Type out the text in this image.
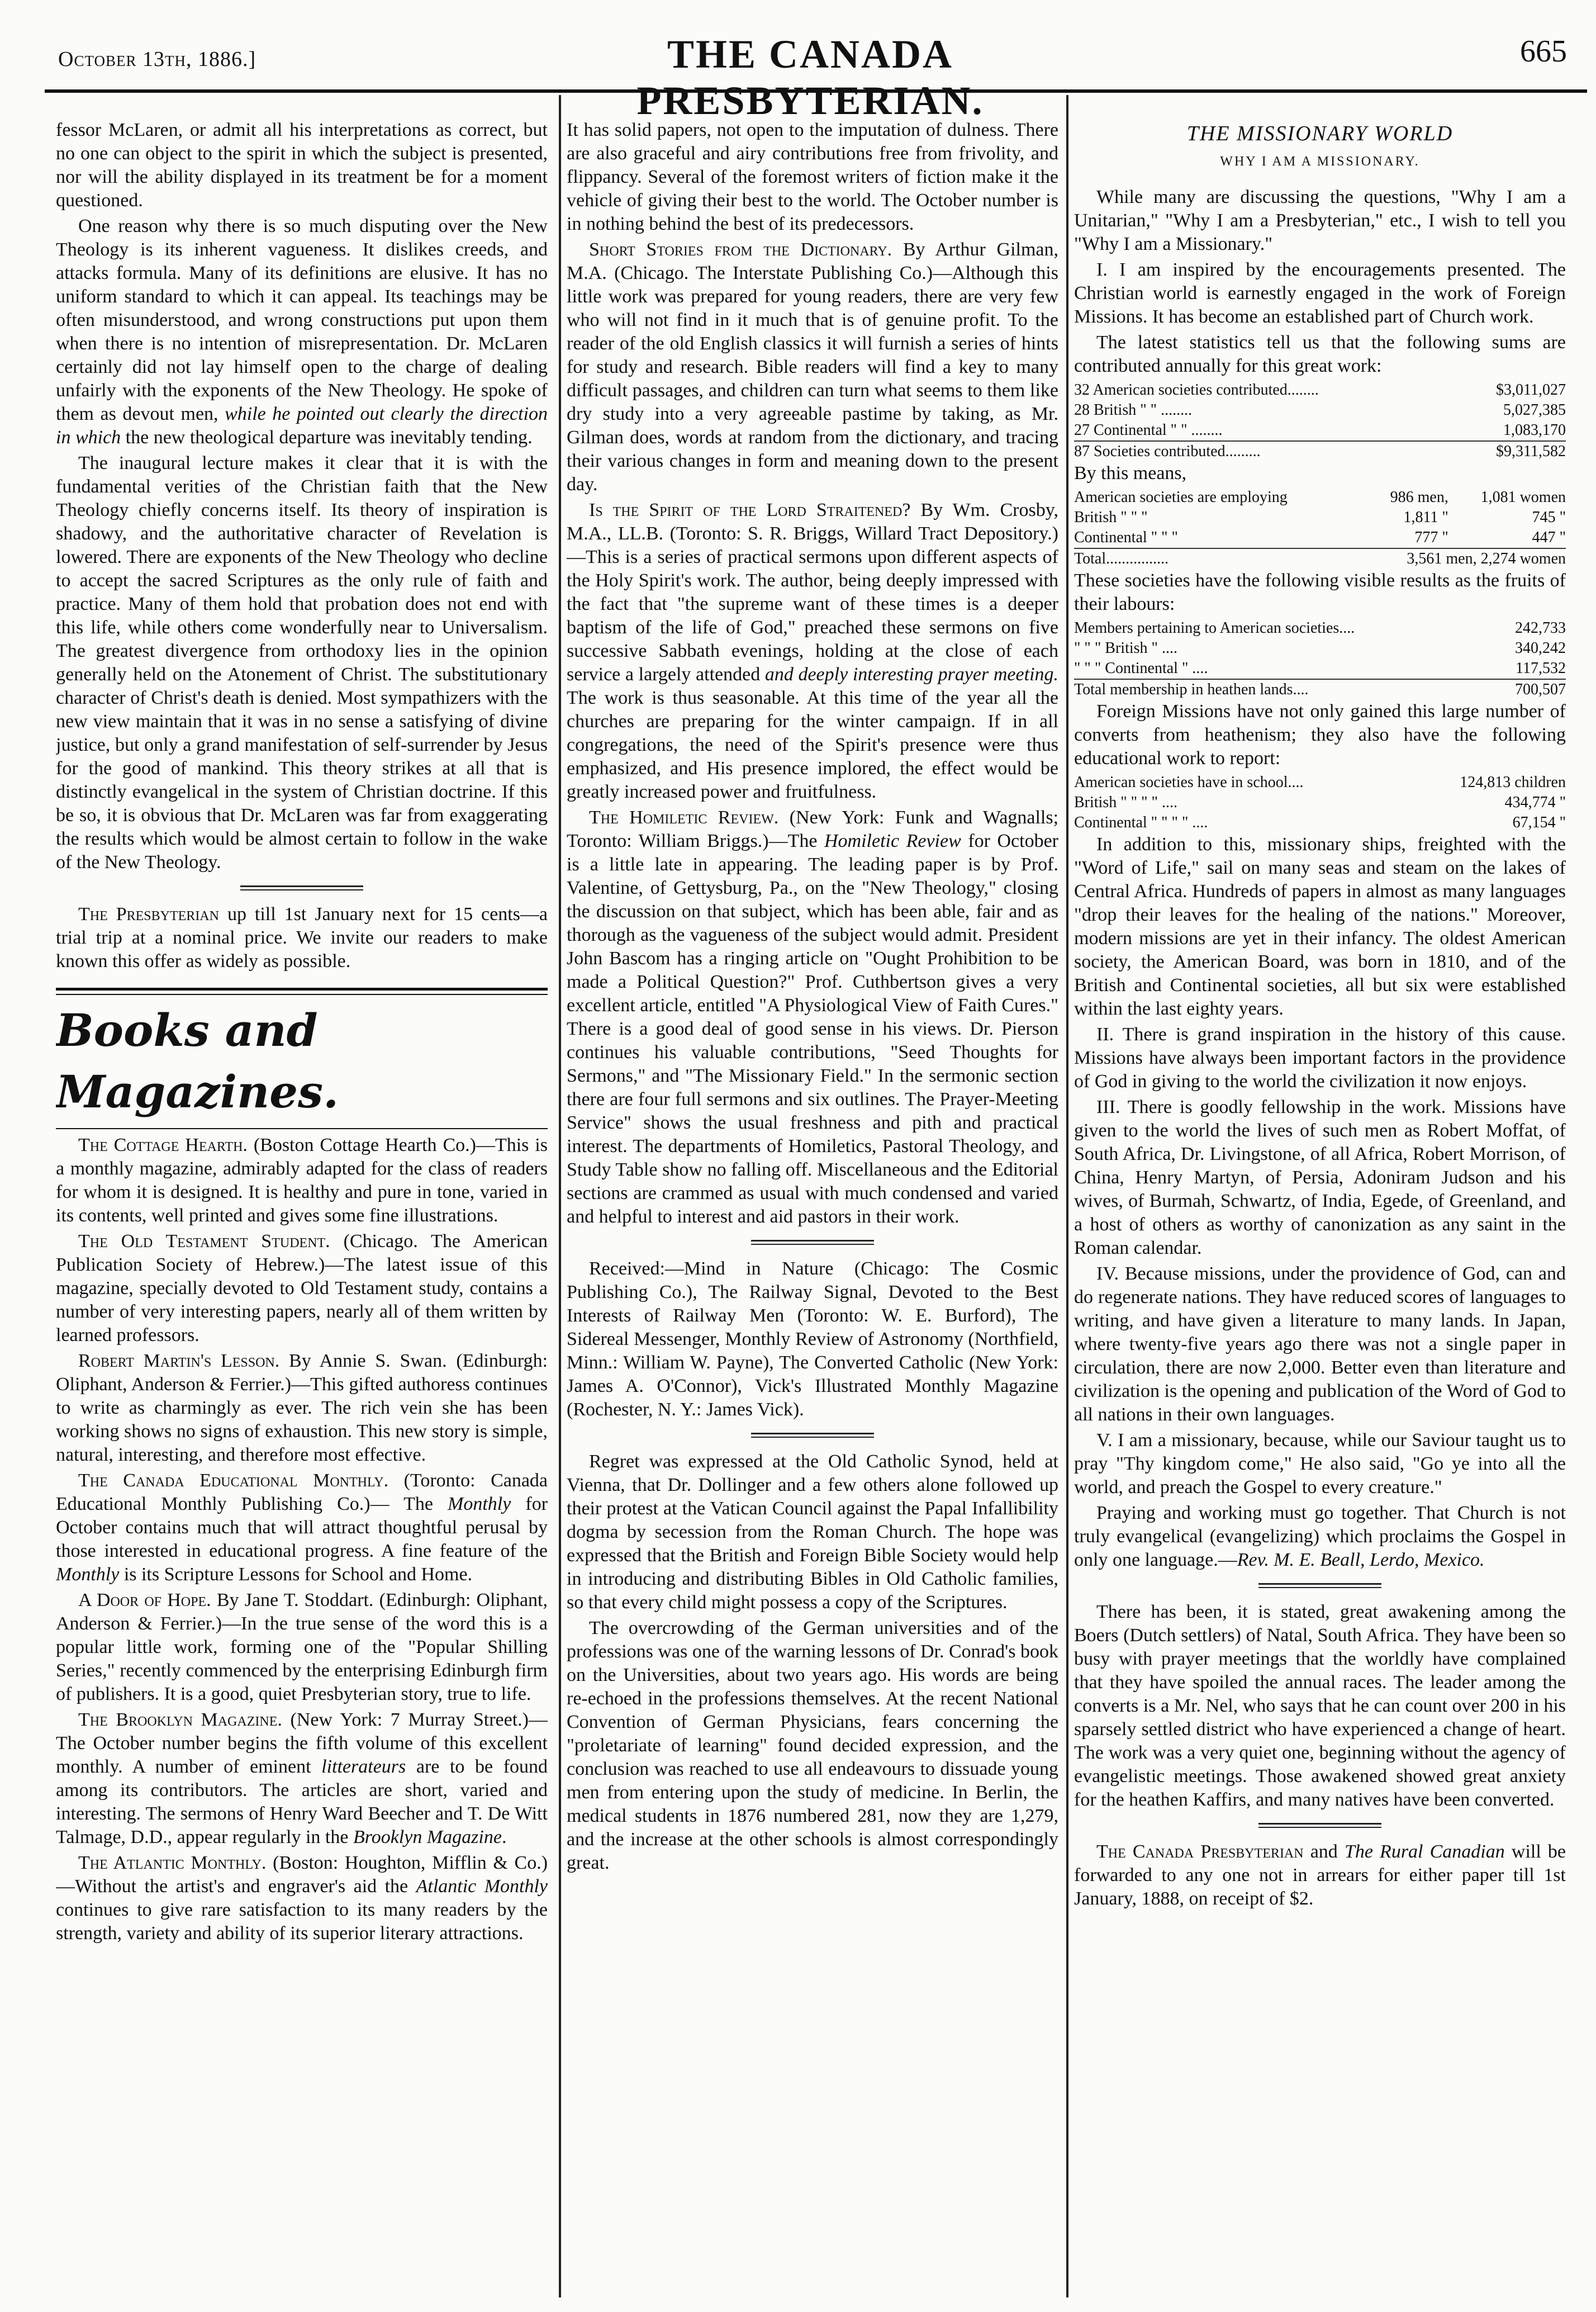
October 13th, 1886.]	THE CANADA PRESBYTERIAN.
665

fessor McLaren, or admit all his interpretations as correct, but no one can object to the spirit in which the subject is presented, nor will the ability displayed in its treatment be for a moment questioned.

One reason why there is so much disputing over the New Theology is its inherent vagueness. It dislikes creeds, and attacks formula. Many of its definitions are elusive. It has no uniform standard to which it can appeal. Its teachings may be often misunderstood, and wrong constructions put upon them when there is no intention of misrepresentation. Dr. McLaren certainly did not lay himself open to the charge of dealing unfairly with the exponents of the New Theology. He spoke of them as devout men, while he pointed out clearly the direction in which the new theological departure was inevitably tending.

The inaugural lecture makes it clear that it is with the fundamental verities of the Christian faith that the New Theology chiefly concerns itself. Its theory of inspiration is shadowy, and the authoritative character of Revelation is lowered. There are exponents of the New Theology who decline to accept the sacred Scriptures as the only rule of faith and practice. Many of them hold that probation does not end with this life, while others come wonderfully near to Universalism. The greatest divergence from orthodoxy lies in the opinion generally held on the Atonement of Christ. The substitutionary character of Christ's death is denied. Most sympathizers with the new view maintain that it was in no sense a satisfying of divine justice, but only a grand manifestation of self-surrender by Jesus for the good of mankind. This theory strikes at all that is distinctly evangelical in the system of Christian doctrine. If this be so, it is obvious that Dr. McLaren was far from exaggerating the results which would be almost certain to follow in the wake of the New Theology.

The Presbyterian up till 1st January next for 15 cents—a trial trip at a nominal price. We invite our readers to make known this offer as widely as possible.

Books and Magazines.

The Cottage Hearth. (Boston Cottage Hearth Co.)—This is a monthly magazine, admirably adapted for the class of readers for whom it is designed. It is healthy and pure in tone, varied in its contents, well printed and gives some fine illustrations.

The Old Testament Student. (Chicago. The American Publication Society of Hebrew.)—The latest issue of this magazine, specially devoted to Old Testament study, contains a number of very interesting papers, nearly all of them written by learned professors.

Robert Martin's Lesson. By Annie S. Swan. (Edinburgh: Oliphant, Anderson & Ferrier.)—This gifted authoress continues to write as charmingly as ever. The rich vein she has been working shows no signs of exhaustion. This new story is simple, natural, interesting, and therefore most effective.

The Canada Educational Monthly. (Toronto: Canada Educational Monthly Publishing Co.)— The Monthly for October contains much that will attract thoughtful perusal by those interested in educational progress. A fine feature of the Monthly is its Scripture Lessons for School and Home.

A Door of Hope. By Jane T. Stoddart. (Edinburgh: Oliphant, Anderson & Ferrier.)—In the true sense of the word this is a popular little work, forming one of the "Popular Shilling Series," recently commenced by the enterprising Edinburgh firm of publishers. It is a good, quiet Presbyterian story, true to life.

The Brooklyn Magazine. (New York: 7 Murray Street.)—The October number begins the fifth volume of this excellent monthly. A number of eminent litterateurs are to be found among its contributors. The articles are short, varied and interesting. The sermons of Henry Ward Beecher and T. De Witt Talmage, D.D., appear regularly in the Brooklyn Magazine.

The Atlantic Monthly. (Boston: Houghton, Mifflin & Co.)—Without the artist's and engraver's aid the Atlantic Monthly continues to give rare satisfaction to its many readers by the strength, variety and ability of its superior literary attractions.

It has solid papers, not open to the imputation of dulness. There are also graceful and airy contributions free from frivolity, and flippancy. Several of the foremost writers of fiction make it the vehicle of giving their best to the world. The October number is in nothing behind the best of its predecessors.

Short Stories from the Dictionary. By Arthur Gilman, M.A. (Chicago. The Interstate Publishing Co.)—Although this little work was prepared for young readers, there are very few who will not find in it much that is of genuine profit. To the reader of the old English classics it will furnish a series of hints for study and research. Bible readers will find a key to many difficult passages, and children can turn what seems to them like dry study into a very agreeable pastime by taking, as Mr. Gilman does, words at random from the dictionary, and tracing their various changes in form and meaning down to the present day.

Is the Spirit of the Lord Straitened? By Wm. Crosby, M.A., LL.B. (Toronto: S. R. Briggs, Willard Tract Depository.)—This is a series of practical sermons upon different aspects of the Holy Spirit's work. The author, being deeply impressed with the fact that "the supreme want of these times is a deeper baptism of the life of God," preached these sermons on five successive Sabbath evenings, holding at the close of each service a largely attended and deeply interesting prayer meeting. The work is thus seasonable. At this time of the year all the churches are preparing for the winter campaign. If in all congregations, the need of the Spirit's presence were thus emphasized, and His presence implored, the effect would be greatly increased power and fruitfulness.

The Homiletic Review. (New York: Funk and Wagnalls; Toronto: William Briggs.)—The Homiletic Review for October is a little late in appearing. The leading paper is by Prof. Valentine, of Gettysburg, Pa., on the "New Theology," closing the discussion on that subject, which has been able, fair and as thorough as the vagueness of the subject would admit. President John Bascom has a ringing article on "Ought Prohibition to be made a Political Question?" Prof. Cuthbertson gives a very excellent article, entitled "A Physiological View of Faith Cures." There is a good deal of good sense in his views. Dr. Pierson continues his valuable contributions, "Seed Thoughts for Sermons," and "The Missionary Field." In the sermonic section there are four full sermons and six outlines. The Prayer-Meeting Service" shows the usual freshness and pith and practical interest. The departments of Homiletics, Pastoral Theology, and Study Table show no falling off. Miscellaneous and the Editorial sections are crammed as usual with much condensed and varied and helpful to interest and aid pastors in their work.

Received:—Mind in Nature (Chicago: The Cosmic Publishing Co.), The Railway Signal, Devoted to the Best Interests of Railway Men (Toronto: W. E. Burford), The Sidereal Messenger, Monthly Review of Astronomy (Northfield, Minn.: William W. Payne), The Converted Catholic (New York: James A. O'Connor), Vick's Illustrated Monthly Magazine (Rochester, N. Y.: James Vick).

Regret was expressed at the Old Catholic Synod, held at Vienna, that Dr. Dollinger and a few others alone followed up their protest at the Vatican Council against the Papal Infallibility dogma by secession from the Roman Church. The hope was expressed that the British and Foreign Bible Society would help in introducing and distributing Bibles in Old Catholic families, so that every child might possess a copy of the Scriptures.

The overcrowding of the German universities and of the professions was one of the warning lessons of Dr. Conrad's book on the Universities, about two years ago. His words are being re-echoed in the professions themselves. At the recent National Convention of German Physicians, fears concerning the "proletariate of learning" found decided expression, and the conclusion was reached to use all endeavours to dissuade young men from entering upon the study of medicine. In Berlin, the medical students in 1876 numbered 281, now they are 1,279, and the increase at the other schools is almost correspondingly great.

THE MISSIONARY WORLD
WHY I AM A MISSIONARY.

While many are discussing the questions, "Why I am a Unitarian," "Why I am a Presbyterian," etc., I wish to tell you "Why I am a Missionary."

I. I am inspired by the encouragements presented. The Christian world is earnestly engaged in the work of Foreign Missions. It has become an established part of Church work.

The latest statistics tell us that the following sums are contributed annually for this great work:

32 American societies contributed........	$3,011,027
28 British " " ........	5,027,385
27 Continental " " ........	1,083,170
87 Societies contributed.........	$9,311,582

By this means,

American societies are employing	986 men,	1,081 women
British " " "	1,811 "	745 "
Continental " " "	777 "	447 "
Total................	3,561 men, 2,274 women

These societies have the following visible results as the fruits of their labours:

Members pertaining to American societies....	242,733
" " " British " ....	340,242
" " " Continental " ....	117,532
Total membership in heathen lands....	700,507

Foreign Missions have not only gained this large number of converts from heathenism; they also have the following educational work to report:

American societies have in school....	124,813 children
British " " " " ....	434,774 "
Continental " " " " ....	67,154 "

In addition to this, missionary ships, freighted with the "Word of Life," sail on many seas and steam on the lakes of Central Africa. Hundreds of papers in almost as many languages "drop their leaves for the healing of the nations." Moreover, modern missions are yet in their infancy. The oldest American society, the American Board, was born in 1810, and of the British and Continental societies, all but six were established within the last eighty years.

II. There is grand inspiration in the history of this cause. Missions have always been important factors in the providence of God in giving to the world the civilization it now enjoys.

III. There is goodly fellowship in the work. Missions have given to the world the lives of such men as Robert Moffat, of South Africa, Dr. Livingstone, of all Africa, Robert Morrison, of China, Henry Martyn, of Persia, Adoniram Judson and his wives, of Burmah, Schwartz, of India, Egede, of Greenland, and a host of others as worthy of canonization as any saint in the Roman calendar.

IV. Because missions, under the providence of God, can and do regenerate nations. They have reduced scores of languages to writing, and have given a literature to many lands. In Japan, where twenty-five years ago there was not a single paper in circulation, there are now 2,000. Better even than literature and civilization is the opening and publication of the Word of God to all nations in their own languages.

V. I am a missionary, because, while our Saviour taught us to pray "Thy kingdom come," He also said, "Go ye into all the world, and preach the Gospel to every creature."

Praying and working must go together. That Church is not truly evangelical (evangelizing) which proclaims the Gospel in only one language.—Rev. M. E. Beall, Lerdo, Mexico.

There has been, it is stated, great awakening among the Boers (Dutch settlers) of Natal, South Africa. They have been so busy with prayer meetings that the worldly have complained that they have spoiled the annual races. The leader among the converts is a Mr. Nel, who says that he can count over 200 in his sparsely settled district who have experienced a change of heart. The work was a very quiet one, beginning without the agency of evangelistic meetings. Those awakened showed great anxiety for the heathen Kaffirs, and many natives have been converted.

The Canada Presbyterian and The Rural Canadian will be forwarded to any one not in arrears for either paper till 1st January, 1888, on receipt of $2.
